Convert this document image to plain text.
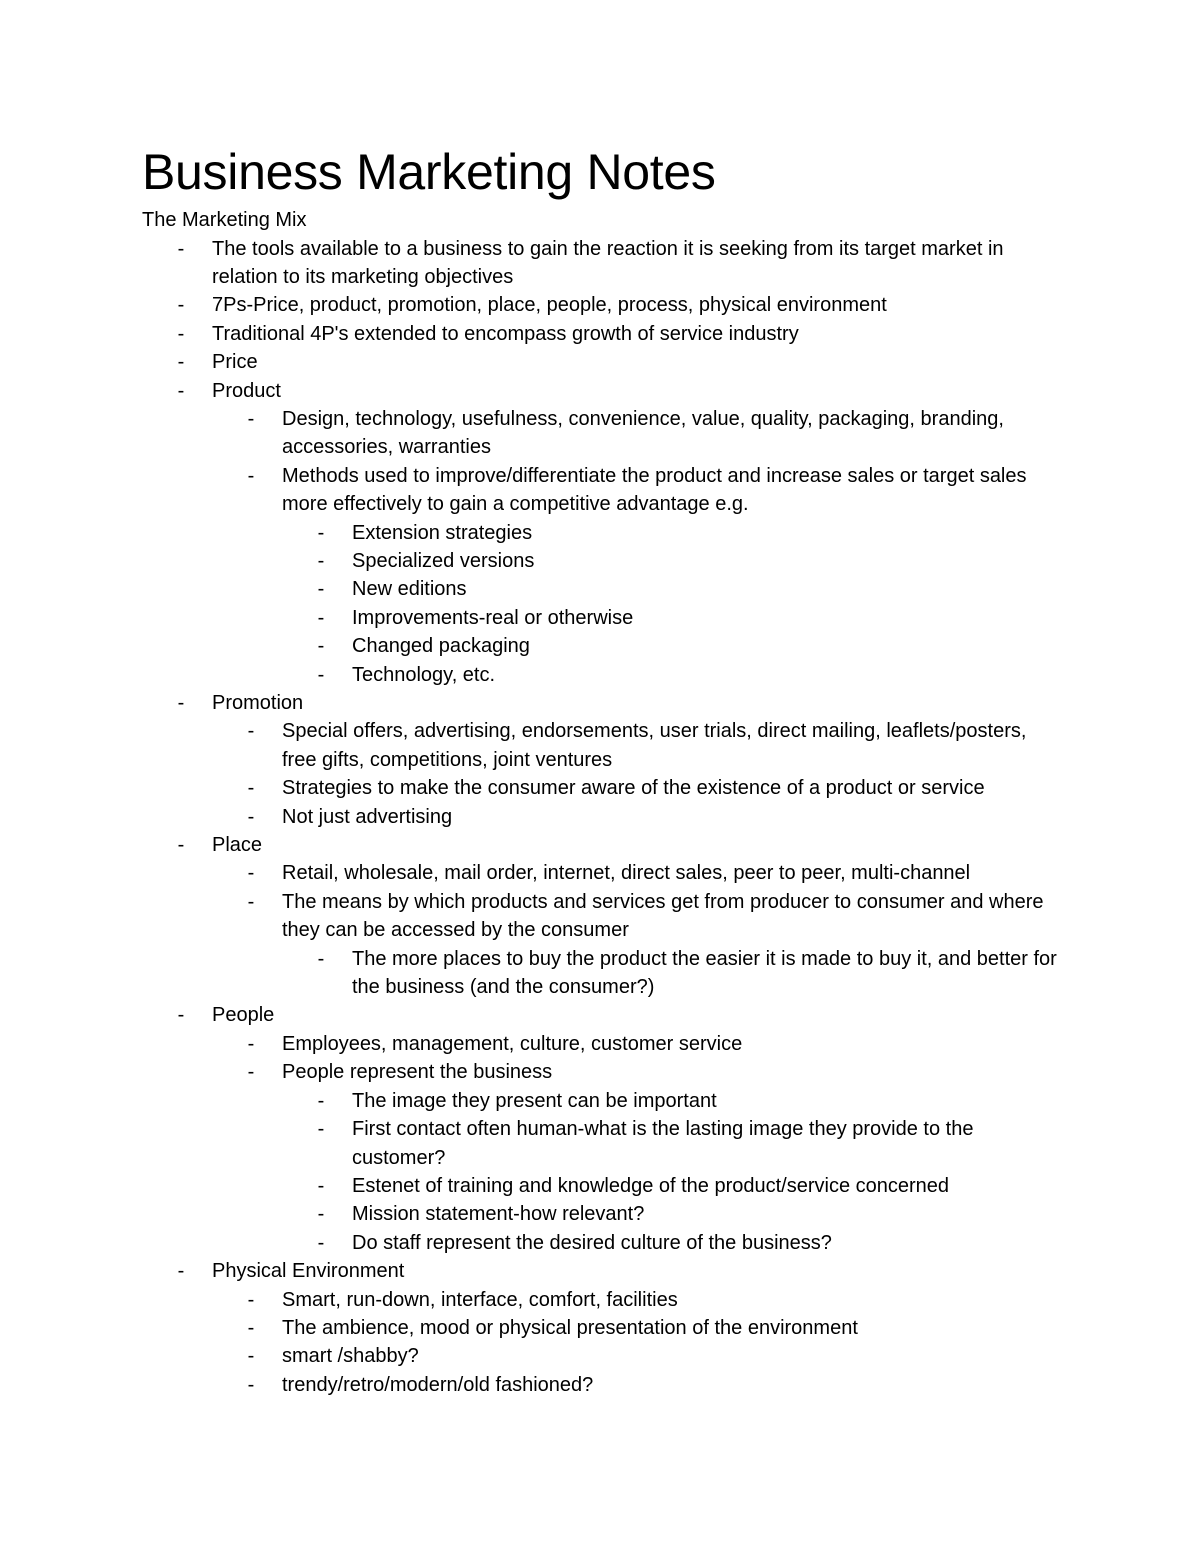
Business Marketing Notes

The Marketing Mix

- The tools available to a business to gain the reaction it is seeking from its target market in relation to its marketing objectives
- 7Ps-Price, product, promotion, place, people, process, physical environment
- Traditional 4P's extended to encompass growth of service industry
- Price
- Product
- Design, technology, usefulness, convenience, value, quality, packaging, branding, accessories, warranties
- Methods used to improve/differentiate the product and increase sales or target sales more effectively to gain a competitive advantage e.g.
- Extension strategies
- Specialized versions
- New editions
- Improvements-real or otherwise
- Changed packaging
- Technology, etc.
- Promotion
- Special offers, advertising, endorsements, user trials, direct mailing, leaflets/posters, free gifts, competitions, joint ventures
- Strategies to make the consumer aware of the existence of a product or service
- Not just advertising
- Place
- Retail, wholesale, mail order, internet, direct sales, peer to peer, multi-channel
- The means by which products and services get from producer to consumer and where they can be accessed by the consumer
- The more places to buy the product the easier it is made to buy it, and better for the business (and the consumer?)
- People
- Employees, management, culture, customer service
- People represent the business
- The image they present can be important
- First contact often human-what is the lasting image they provide to the customer?
- Estenet of training and knowledge of the product/service concerned
- Mission statement-how relevant?
- Do staff represent the desired culture of the business?
- Physical Environment
- Smart, run-down, interface, comfort, facilities
- The ambience, mood or physical presentation of the environment
- smart /shabby?
- trendy/retro/modern/old fashioned?
